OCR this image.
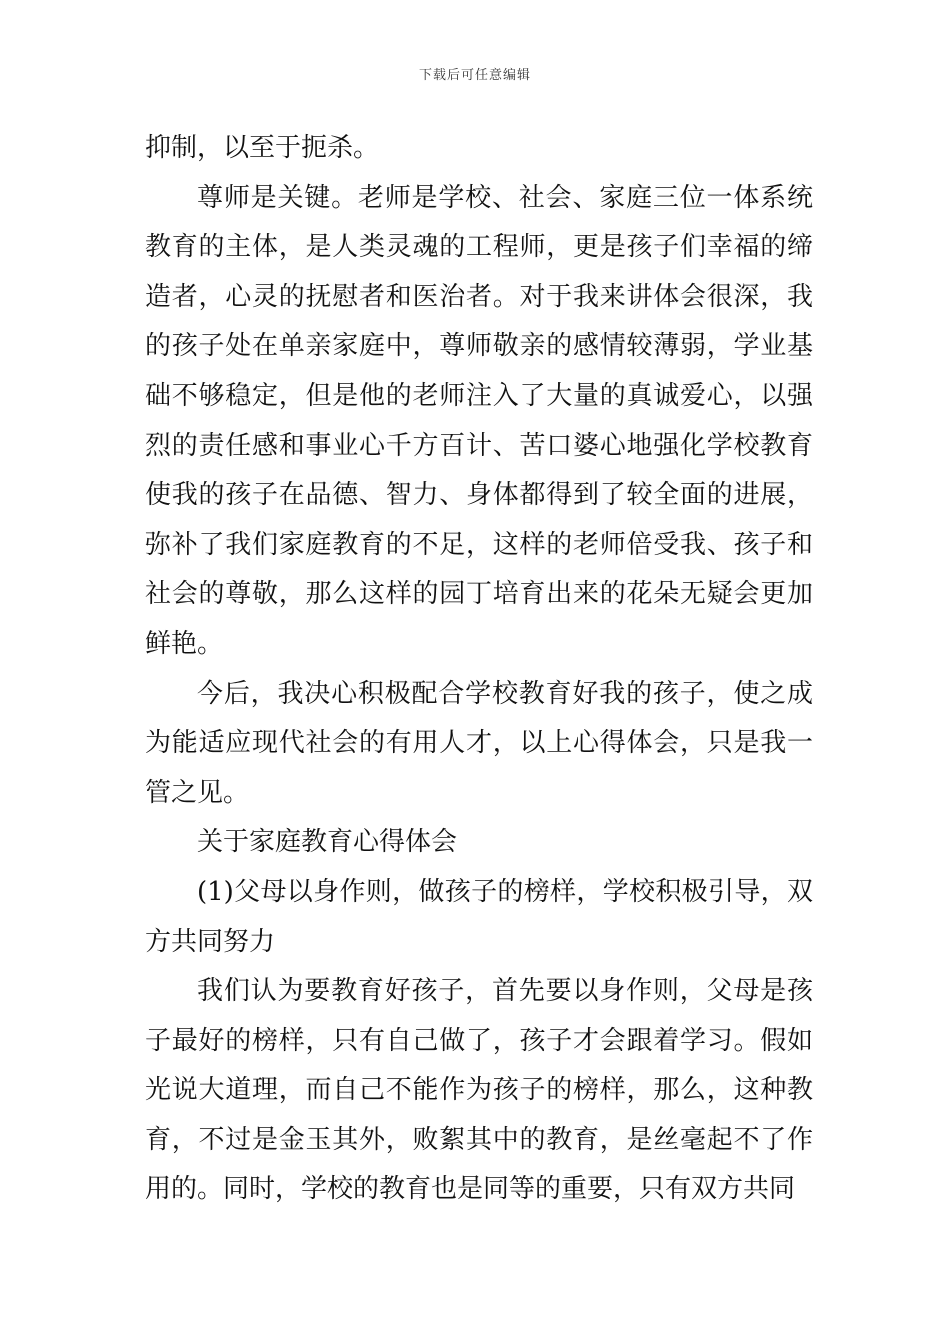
下载后可任意编辑

抑制，以至于扼杀。

尊师是关键。老师是学校、社会、家庭三位一体系统教育的主体，是人类灵魂的工程师，更是孩子们幸福的缔造者，心灵的抚慰者和医治者。对于我来讲体会很深，我的孩子处在单亲家庭中，尊师敬亲的感情较薄弱，学业基础不够稳定，但是他的老师注入了大量的真诚爱心，以强烈的责任感和事业心千方百计、苦口婆心地强化学校教育使我的孩子在品德、智力、身体都得到了较全面的进展，弥补了我们家庭教育的不足，这样的老师倍受我、孩子和社会的尊敬，那么这样的园丁培育出来的花朵无疑会更加鲜艳。

今后，我决心积极配合学校教育好我的孩子，使之成为能适应现代社会的有用人才，以上心得体会，只是我一管之见。

关于家庭教育心得体会

(1)父母以身作则，做孩子的榜样，学校积极引导，双方共同努力

我们认为要教育好孩子，首先要以身作则，父母是孩子最好的榜样，只有自己做了，孩子才会跟着学习。假如光说大道理，而自己不能作为孩子的榜样，那么，这种教育，不过是金玉其外，败絮其中的教育，是丝毫起不了作用的。同时，学校的教育也是同等的重要，只有双方共同
